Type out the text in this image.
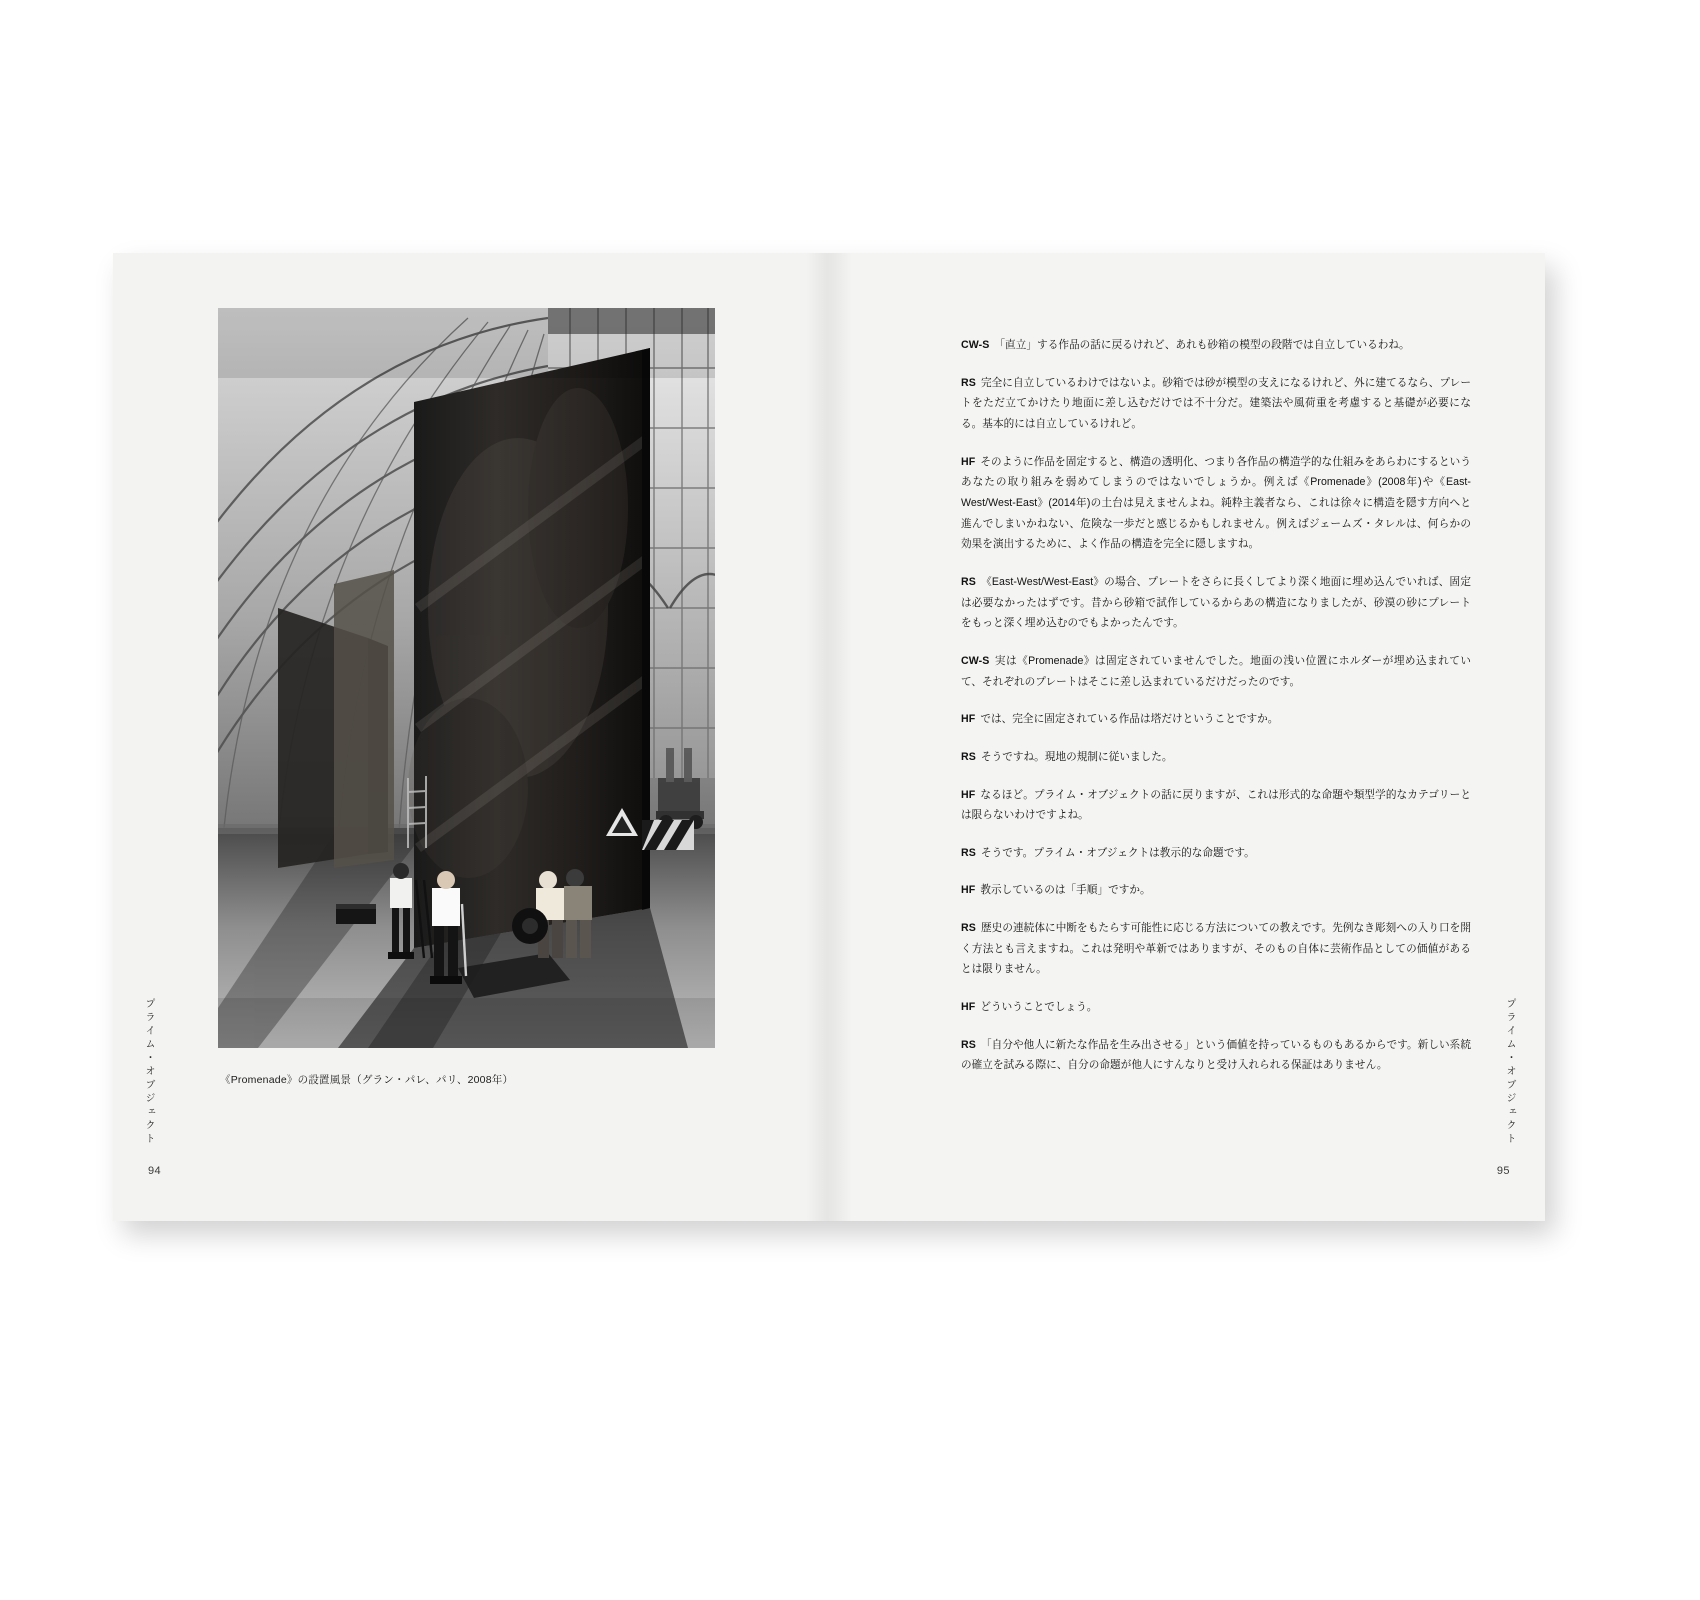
《Promenade》の設置風景（グラン・パレ、パリ、2008年）
プライム・オブジェクト
94

CW-S 「直立」する作品の話に戻るけれど、あれも砂箱の模型の段階では自立しているわね。

RS 完全に自立しているわけではないよ。砂箱では砂が模型の支えになるけれど、外に建てるなら、プレートをただ立てかけたり地面に差し込むだけでは不十分だ。建築法や風荷重を考慮すると基礎が必要になる。基本的には自立しているけれど。

HF そのように作品を固定すると、構造の透明化、つまり各作品の構造学的な仕組みをあらわにするというあなたの取り組みを弱めてしまうのではないでしょうか。例えば《Promenade》(2008年)や《East-West/West-East》(2014年)の土台は見えませんよね。純粋主義者なら、これは徐々に構造を隠す方向へと進んでしまいかねない、危険な一歩だと感じるかもしれません。例えばジェームズ・タレルは、何らかの効果を演出するために、よく作品の構造を完全に隠しますね。

RS 《East-West/West-East》の場合、プレートをさらに長くしてより深く地面に埋め込んでいれば、固定は必要なかったはずです。昔から砂箱で試作しているからあの構造になりましたが、砂漠の砂にプレートをもっと深く埋め込むのでもよかったんです。

CW-S 実は《Promenade》は固定されていませんでした。地面の浅い位置にホルダーが埋め込まれていて、それぞれのプレートはそこに差し込まれているだけだったのです。

HF では、完全に固定されている作品は塔だけということですか。

RS そうですね。現地の規制に従いました。

HF なるほど。プライム・オブジェクトの話に戻りますが、これは形式的な命題や類型学的なカテゴリーとは限らないわけですよね。

RS そうです。プライム・オブジェクトは教示的な命題です。

HF 教示しているのは「手順」ですか。

RS 歴史の連続体に中断をもたらす可能性に応じる方法についての教えです。先例なき彫刻への入り口を開く方法とも言えますね。これは発明や革新ではありますが、そのもの自体に芸術作品としての価値があるとは限りません。

HF どういうことでしょう。

RS 「自分や他人に新たな作品を生み出させる」という価値を持っているものもあるからです。新しい系統の確立を試みる際に、自分の命題が他人にすんなりと受け入れられる保証はありません。	プライム・オブジェクト
95
